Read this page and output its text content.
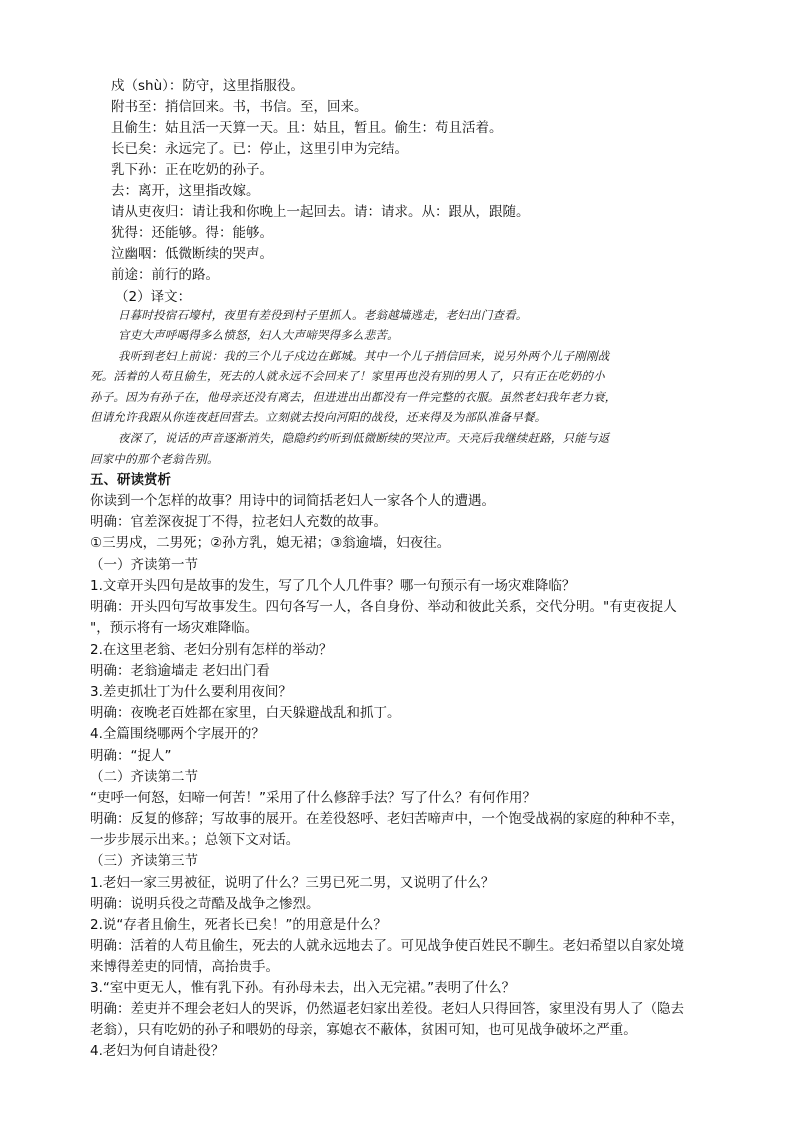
戍（shù）：防守，这里指服役。
附书至：捎信回来。书，书信。至，回来。
且偷生：姑且活一天算一天。且：姑且，暂且。偷生：苟且活着。
长已矣：永远完了。已：停止，这里引申为完结。
乳下孙：正在吃奶的孙子。
去：离开，这里指改嫁。
请从吏夜归：请让我和你晚上一起回去。请：请求。从：跟从，跟随。
犹得：还能够。得：能够。
泣幽咽：低微断续的哭声。
前途：前行的路。
（2）译文：
日暮时投宿石壕村，夜里有差役到村子里抓人。老翁越墙逃走，老妇出门查看。
官吏大声呼喝得多么愤怒，妇人大声啼哭得多么悲苦。
我听到老妇上前说：我的三个儿子戍边在邺城。其中一个儿子捎信回来，说另外两个儿子刚刚战
死。活着的人苟且偷生，死去的人就永远不会回来了！家里再也没有别的男人了，只有正在吃奶的小
孙子。因为有孙子在，他母亲还没有离去，但进进出出都没有一件完整的衣服。虽然老妇我年老力衰，
但请允许我跟从你连夜赶回营去。立刻就去投向河阳的战役，还来得及为部队准备早餐。
夜深了，说话的声音逐渐消失，隐隐约约听到低微断续的哭泣声。天亮后我继续赶路，只能与返
回家中的那个老翁告别。
五、研读赏析
你读到一个怎样的故事？用诗中的词简括老妇人一家各个人的遭遇。
明确：官差深夜捉丁不得，拉老妇人充数的故事。
①三男戍，二男死；②孙方乳，媳无裙；③翁逾墙，妇夜往。
（一）齐读第一节
1.文章开头四句是故事的发生，写了几个人几件事？哪一句预示有一场灾难降临？
明确：开头四句写故事发生。四句各写一人，各自身份、举动和彼此关系，交代分明。"有吏夜捉人
"，预示将有一场灾难降临。
2.在这里老翁、老妇分别有怎样的举动？
明确：老翁逾墙走 老妇出门看
3.差吏抓壮丁为什么要利用夜间？
明确：夜晚老百姓都在家里，白天躲避战乱和抓丁。
4.全篇围绕哪两个字展开的？
明确：“捉人”
（二）齐读第二节
“吏呼一何怒，妇啼一何苦！”采用了什么修辞手法？写了什么？有何作用？
明确：反复的修辞；写故事的展开。在差役怒呼、老妇苦啼声中，一个饱受战祸的家庭的种种不幸，
一步步展示出来。；总领下文对话。
（三）齐读第三节
1.老妇一家三男被征，说明了什么？三男已死二男，又说明了什么？
明确：说明兵役之苛酷及战争之惨烈。
2.说“存者且偷生，死者长已矣！”的用意是什么？
明确：活着的人苟且偷生，死去的人就永远地去了。可见战争使百姓民不聊生。老妇希望以自家处境
来博得差吏的同情，高抬贵手。
3.“室中更无人，惟有乳下孙。有孙母未去，出入无完裙。”表明了什么？
明确：差吏并不理会老妇人的哭诉，仍然逼老妇家出差役。老妇人只得回答，家里没有男人了（隐去
老翁），只有吃奶的孙子和喂奶的母亲，寡媳衣不蔽体，贫困可知，也可见战争破坏之严重。
4.老妇为何自请赴役？
